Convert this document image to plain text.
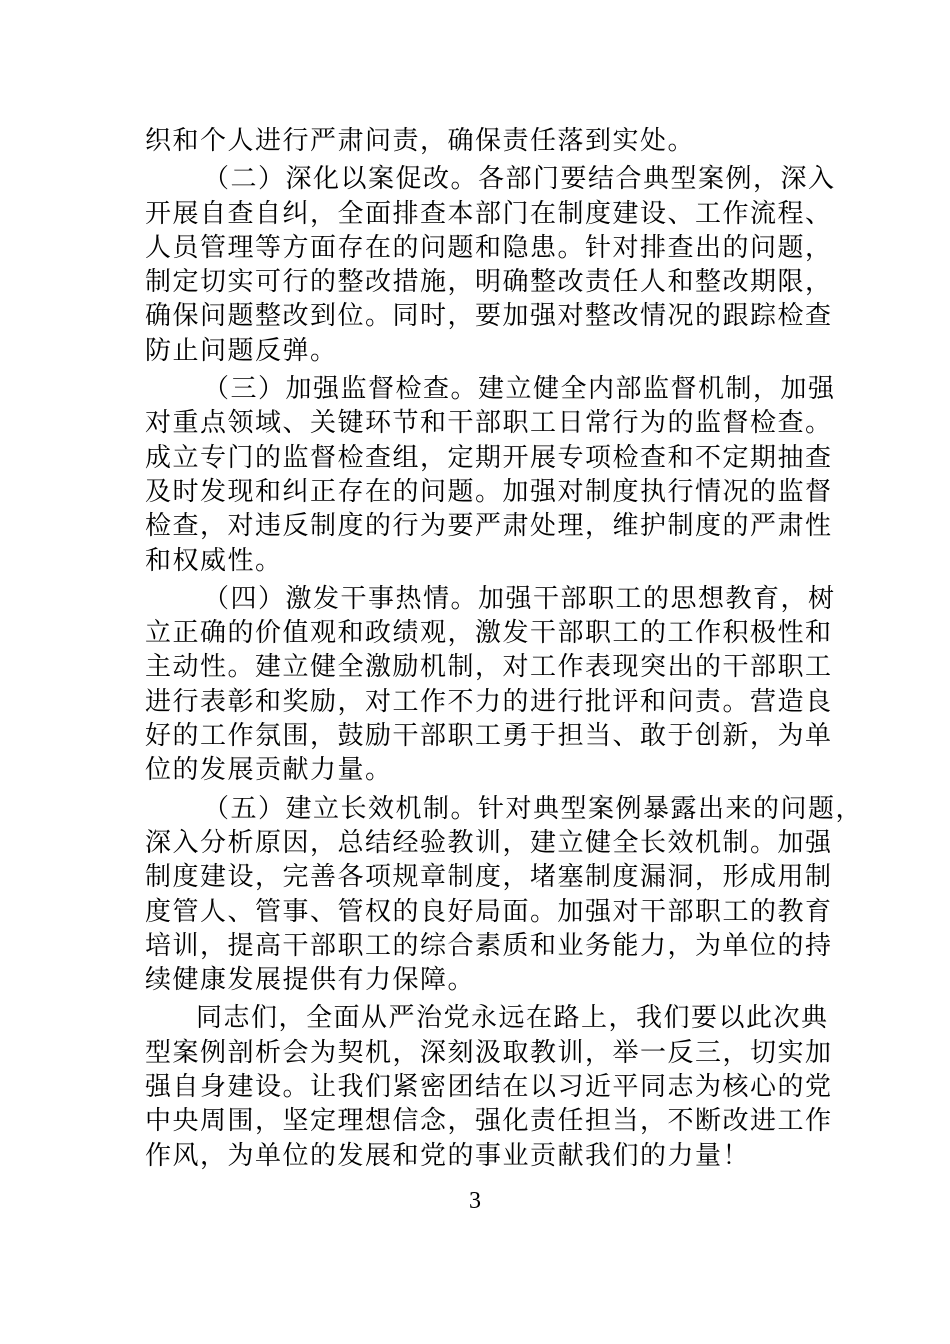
织和个人进行严肃问责，确保责任落到实处。
（二）深化以案促改。各部门要结合典型案例，深入
开展自查自纠，全面排查本部门在制度建设、工作流程、
人员管理等方面存在的问题和隐患。针对排查出的问题，
制定切实可行的整改措施，明确整改责任人和整改期限，
确保问题整改到位。同时，要加强对整改情况的跟踪检查
防止问题反弹。
（三）加强监督检查。建立健全内部监督机制，加强
对重点领域、关键环节和干部职工日常行为的监督检查。
成立专门的监督检查组，定期开展专项检查和不定期抽查
及时发现和纠正存在的问题。加强对制度执行情况的监督
检查，对违反制度的行为要严肃处理，维护制度的严肃性
和权威性。
（四）激发干事热情。加强干部职工的思想教育，树
立正确的价值观和政绩观，激发干部职工的工作积极性和
主动性。建立健全激励机制，对工作表现突出的干部职工
进行表彰和奖励，对工作不力的进行批评和问责。营造良
好的工作氛围，鼓励干部职工勇于担当、敢于创新，为单
位的发展贡献力量。
（五）建立长效机制。针对典型案例暴露出来的问题，
深入分析原因，总结经验教训，建立健全长效机制。加强
制度建设，完善各项规章制度，堵塞制度漏洞，形成用制
度管人、管事、管权的良好局面。加强对干部职工的教育
培训，提高干部职工的综合素质和业务能力，为单位的持
续健康发展提供有力保障。
同志们，全面从严治党永远在路上，我们要以此次典
型案例剖析会为契机，深刻汲取教训，举一反三，切实加
强自身建设。让我们紧密团结在以习近平同志为核心的党
中央周围，坚定理想信念，强化责任担当，不断改进工作
作风，为单位的发展和党的事业贡献我们的力量！
3
